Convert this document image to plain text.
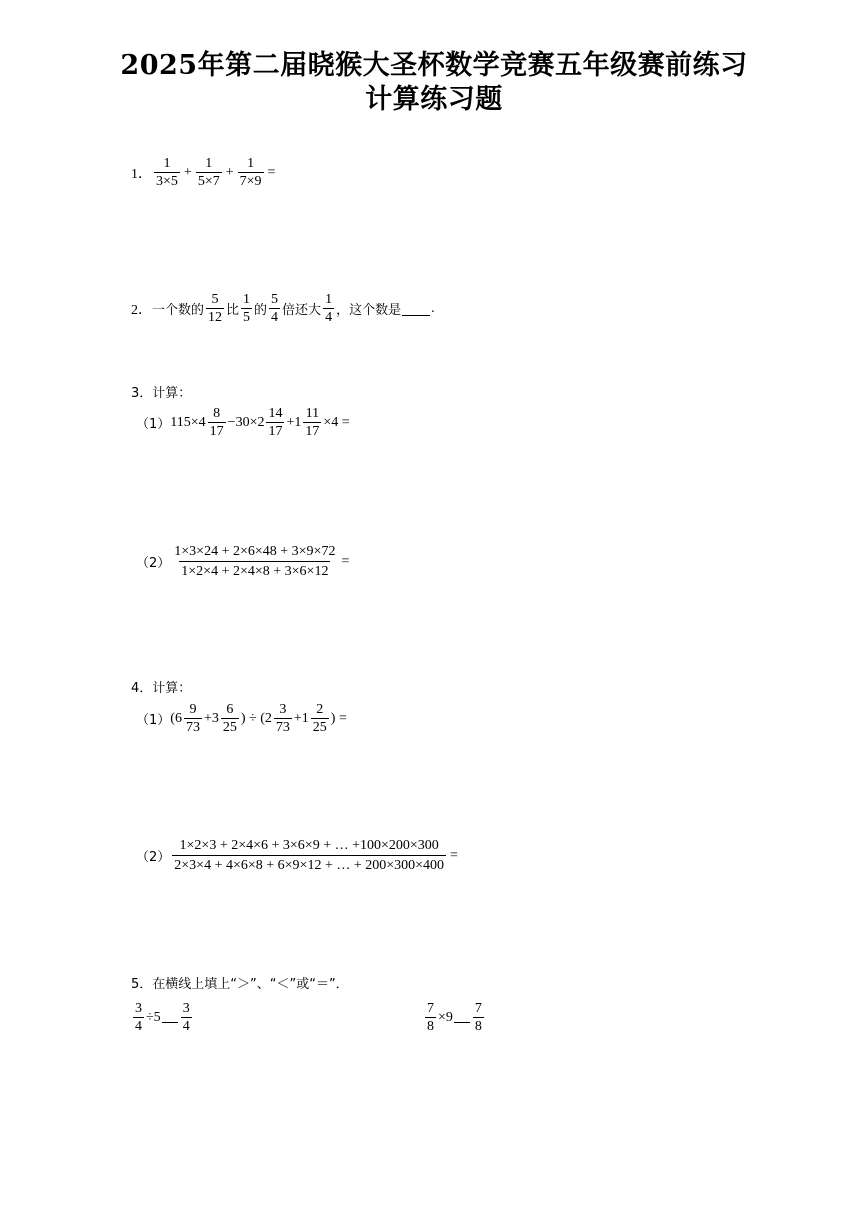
2025年第二届晓猴大圣杯数学竞赛五年级赛前练习
计算练习题
1． $\frac{1}{3\times 5} + \frac{1}{5\times 7} + \frac{1}{7\times 9}$ =
2． 一个数的 $\frac{5}{12}$ 比 $\frac{1}{5}$ 的 $\frac{5}{4}$ 倍还大 $\frac{1}{4}$ ，这个数是 .
3．计算：
（1） $115\times 4 \frac{8}{17} -30\times 2 \frac{14}{17} +1 \frac{11}{17} \times 4$ =
$(2) \frac{1\times 3\times 24 + 2\times 6\times 48 + 3\times 9\times 72}{1\times 2\times 4 + 2\times 4\times 8 + 3\times 6\times 12}$ =
4．计算：
（1） ($6 \frac{9}{73} +3 \frac{6}{25}$ ) ÷ ($2 \frac{3}{73} +1 \frac{2}{25}$ ) =
$(2) \frac{1\times 2\times 3 + 2\times 4\times 6 + 3\times 6\times 9 + \dots +100\times 200\times 300}{2\times 3\times 4 + 4\times 6\times 8 + 6\times 9\times 12 + \dots + 200\times 300\times 400}$ =
5．在横线上填上“＞”、“＜”或“＝”．
$\frac{3}{4} \div 5 \frac{3}{4}$	$\frac{7}{8} \times 9 \frac{7}{8}$
